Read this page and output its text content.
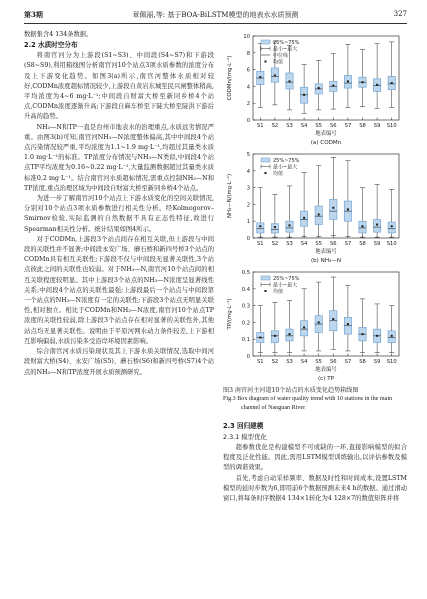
第3期	章佩丽,等: 基于BOA-BiLSTM模型的地表水水质预测	327

数据集含4 134条数据。

2.2 水质时空分布

将南官河分为上游段(S1~S3)、中间段(S4~S7)和下游段(S8~S9),利用箱线图分析南官河10个站点3项水质参数的浓度分布及上下游变化趋势。如图3(a)所示,南官河整体水质相对较好,CODMn浓度超标情况较少,上游段自黄岩东城至民兴闸整体稍高,平均浓度为4~6 mg·L⁻¹;中间段自财富大桥至新同乡桥4个站点,CODMn浓度逐渐升高;下游段自麻车桥至下陡大桥至陡洪下游后升高的趋势。

NH₃—N和TP一直是台州市地表水的治理重点,水质远劣情况严重。由图3(b)可知,南官河NH₃—N浓度整体偏高,其中中间段4个站点污染情况较严重,平均浓度为1.1~1.9 mg·L⁻¹,均超过其量类水质1.0 mg·L⁻¹的标准。TP浓度分布情况与NH₃—N类似,中间段4个站点TP平均浓度为0.16~0.22 mg·L⁻¹,大量监测数据超过其量类水质标准0.2 mg·L⁻¹。结合南官河水质超标情况,需重点控制NH₃—N和TP浓度,重点治理区域为中间段自财富大桥至新同乡桥4个站点。

为进一步了解南官河10个站点上下游水质变化的空间关联情况,分别对10个站点3项水质参数进行相关性分析。经Kolmogorov–Smirnov检验,实际监测的自然数据不具有正态性特征,故进行Spearman相关性分析。统计结果如图4所示。

对于CODMn,上游段3个站点间存在相互关联,但上游段与中间段的关联性并不显著;中间段永安广场、蘑石桥和新四号桥3个站点的CODMn具有相互关联性;下游段不仅与中间段无显著关联性,3个站点彼此之间的关联性也较弱。对于NH₃—N,南官河10个站点间的相互关联程度较明显。其中上游段3个站点的NH₃—N浓度呈显著线性关系;中间段4个站点的关联性最强;上游段最后一个站点与中间段第一个站点的NH₃—N浓度有一定的关联性;下游段3个站点无明显关联性,相对独立。相比于CODMn和NH₃—N浓度,南官河10个站点TP浓度的关联性较弱,除上游段3个站点存在相对显著的关联性外,其他站点均无显著关联性。说明由于平原河网水动力条件较差,上下游相互影响偏弱,水质污染多受沿岸环境因素影响。

综合南官河水质污染现状及其上下游水质关联情况,选取中间河段财富大桥(S4)、永安广场(S5)、蘑石桥(S6)和新四号桥(S7)4个站点的NH₃—N和TP浓度开展水质预测研究。

0
2
4
6
8
10
CODMn/(mg·L⁻¹)
S1 S2 S3 S4 S5 S6 S7 S8 S9 S10
地表编号
(a) CODMn
25%~75%
最小~最大
中位线
均值
0
1
2
3
4
5
NH₃—N/(mg·L⁻¹)
S1 S2 S3 S4 S5 S6 S7 S8 S9 S10
地表编号
(b) NH₃—N
25%~75%
最小~最大
均值
0
0.1
0.2
0.3
0.4
0.5
TP/(mg·L⁻¹)
S1 S2 S3 S4 S5 S6 S7 S8 S9 S10
地表编号
(c) TP
25%~75%
最小~最大
均值
图3 南官河主河道10个站点的水质变化趋势箱线图
Fig.3 Box diagram of water quality trend with 10 stations in the main channel of Nanguan River
2.3 回归建模
2.3.1 模型优化

超参数优化是构建模型不可或缺的一环,直接影响模型的拟合程度及泛化性能。因此,需用LSTM模型训练输出,以评估参数及模型的调谐效果。

首先,考虑自动采样频率、数据及时性和时间成本,设置LSTM模型的延时步数为6,即用前6个数据预测未来4 h的数据。通过滑动窗口,将每条时序数据4 134×1转化为4 128×7的数值矩阵并将
